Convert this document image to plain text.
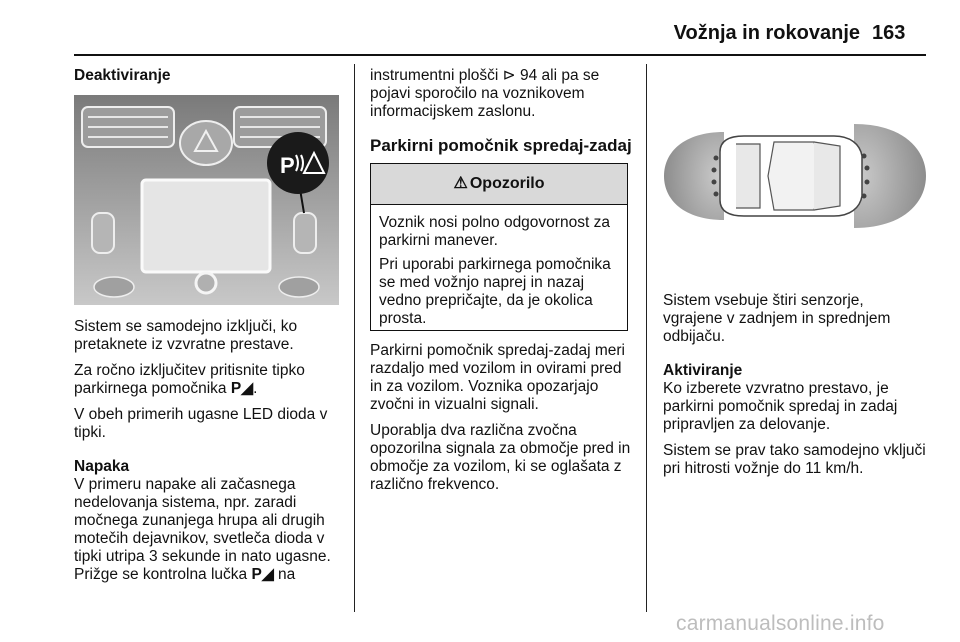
Vožnja in rokovanje 163
Deaktiviranje
P

Sistem se samodejno izključi, ko pretaknete iz vzvratne prestave.

Za ročno izključitev pritisnite tipko parkirnega pomočnika P◢.

V obeh primerih ugasne LED dioda v tipki.

Napaka

V primeru napake ali začasnega nedelovanja sistema, npr. zaradi močnega zunanjega hrupa ali drugih motečih dejavnikov, svetleča dioda v tipki utripa 3 sekunde in nato ugasne. Prižge se kontrolna lučka P◢ na

instrumentni plošči ⊳ 94 ali pa se pojavi sporočilo na voznikovem informacijskem zaslonu.

Parkirni pomočnik spredaj-zadaj
⚠ Opozorilo

Voznik nosi polno odgovornost za parkirni manever.

Pri uporabi parkirnega pomočnika se med vožnjo naprej in nazaj vedno prepričajte, da je okolica prosta.

Parkirni pomočnik spredaj-zadaj meri razdaljo med vozilom in ovirami pred in za vozilom. Voznika opozarjajo zvočni in vizualni signali.

Uporablja dva različna zvočna opozorilna signala za območje pred in območje za vozilom, ki se oglašata z različno frekvenco.

Sistem vsebuje štiri senzorje, vgrajene v zadnjem in sprednjem odbijaču.

Aktiviranje

Ko izberete vzvratno prestavo, je parkirni pomočnik spredaj in zadaj pripravljen za delovanje.

Sistem se prav tako samodejno vključi pri hitrosti vožnje do 11 km/h.

carmanualsonline.info
